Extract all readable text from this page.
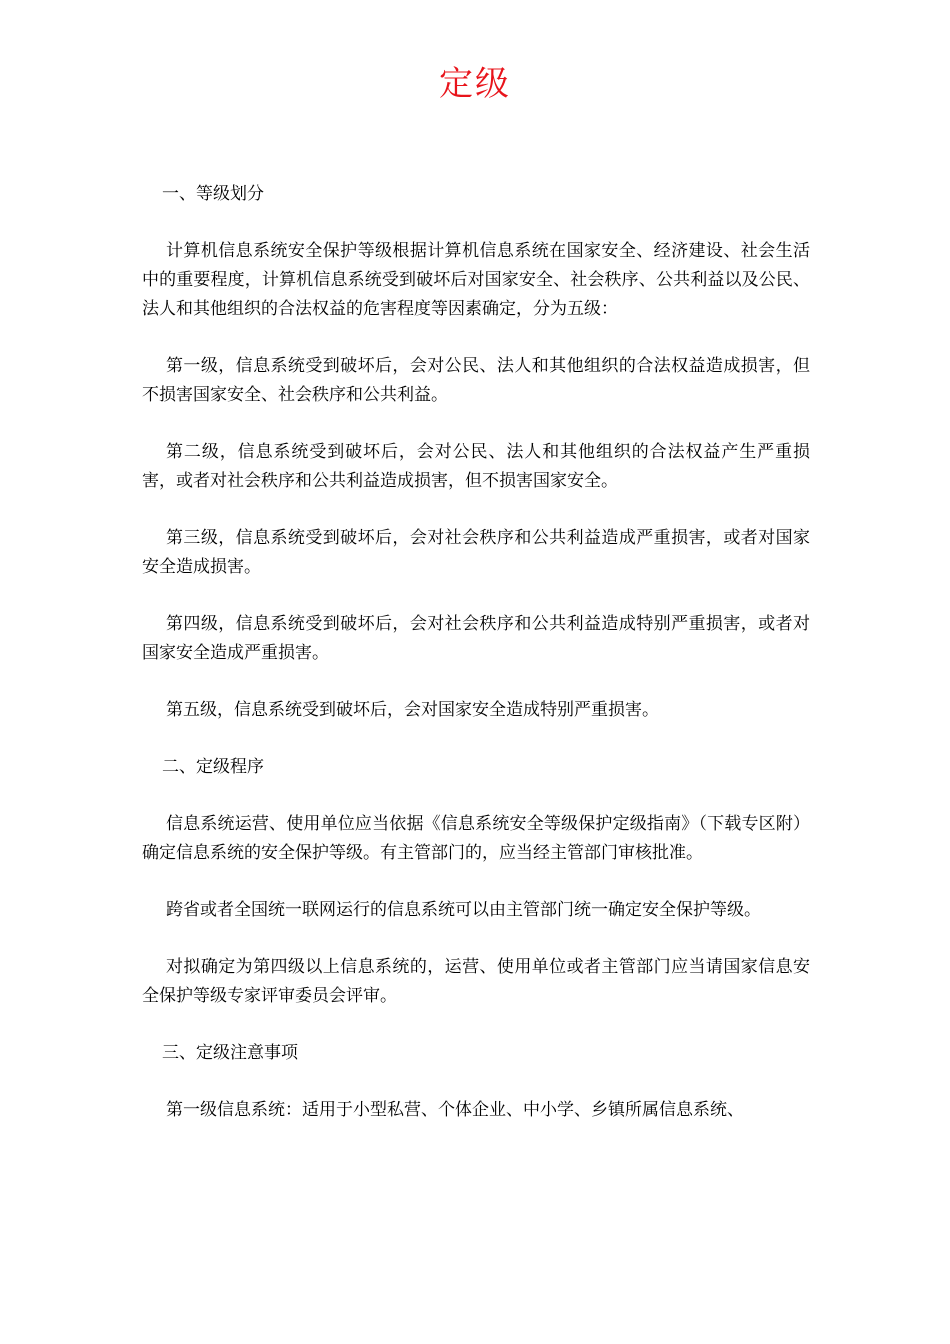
定级

一、等级划分

计算机信息系统安全保护等级根据计算机信息系统在国家安全、经济建设、社会生活中的重要程度，计算机信息系统受到破坏后对国家安全、社会秩序、公共利益以及公民、法人和其他组织的合法权益的危害程度等因素确定，分为五级：

第一级，信息系统受到破坏后，会对公民、法人和其他组织的合法权益造成损害，但不损害国家安全、社会秩序和公共利益。

第二级，信息系统受到破坏后，会对公民、法人和其他组织的合法权益产生严重损害，或者对社会秩序和公共利益造成损害，但不损害国家安全。

第三级，信息系统受到破坏后，会对社会秩序和公共利益造成严重损害，或者对国家安全造成损害。

第四级，信息系统受到破坏后，会对社会秩序和公共利益造成特别严重损害，或者对国家安全造成严重损害。

第五级，信息系统受到破坏后，会对国家安全造成特别严重损害。

二、定级程序

信息系统运营、使用单位应当依据《信息系统安全等级保护定级指南》（下载专区附）确定信息系统的安全保护等级。有主管部门的，应当经主管部门审核批准。

跨省或者全国统一联网运行的信息系统可以由主管部门统一确定安全保护等级。

对拟确定为第四级以上信息系统的，运营、使用单位或者主管部门应当请国家信息安全保护等级专家评审委员会评审。

三、定级注意事项

第一级信息系统：适用于小型私营、个体企业、中小学、乡镇所属信息系统、
